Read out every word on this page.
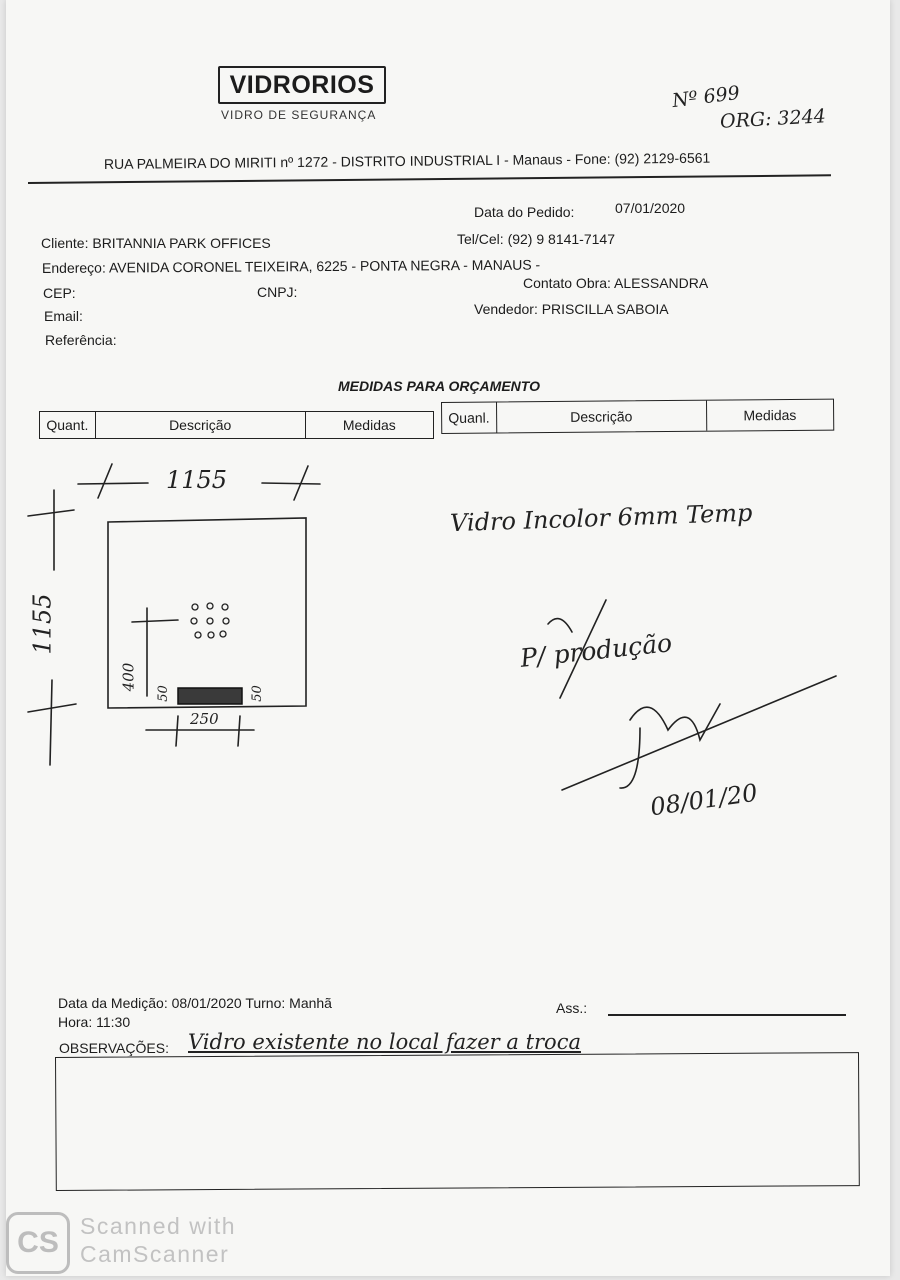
VIDRORIOS
VIDRO DE SEGURANÇA
Nº 699
ORG: 3244
RUA PALMEIRA DO MIRITI nº 1272 - DISTRITO INDUSTRIAL I - Manaus - Fone: (92) 2129-6561
Data do Pedido:	07/01/2020
Cliente: BRITANNIA PARK OFFICES	Tel/Cel: (92) 9 8141-7147
Endereço: AVENIDA CORONEL TEIXEIRA, 6225 - PONTA NEGRA - MANAUS -
CEP:	CNPJ:
Contato Obra: ALESSANDRA
Email:	Vendedor: PRISCILLA SABOIA
Referência:
MEDIDAS PARA ORÇAMENTO
Quant.	Descrição	Medidas	Quanl.	Descrição	Medidas
1155
1155
400
50	50
250
Vidro Incolor 6mm Temp
P/ produção
08/01/20
Data da Medição: 08/01/2020 Turno: Manhã
Hora: 11:30
Ass.:
OBSERVAÇÕES: Vidro existente no local fazer a troca
CS Scanned with
CamScanner
